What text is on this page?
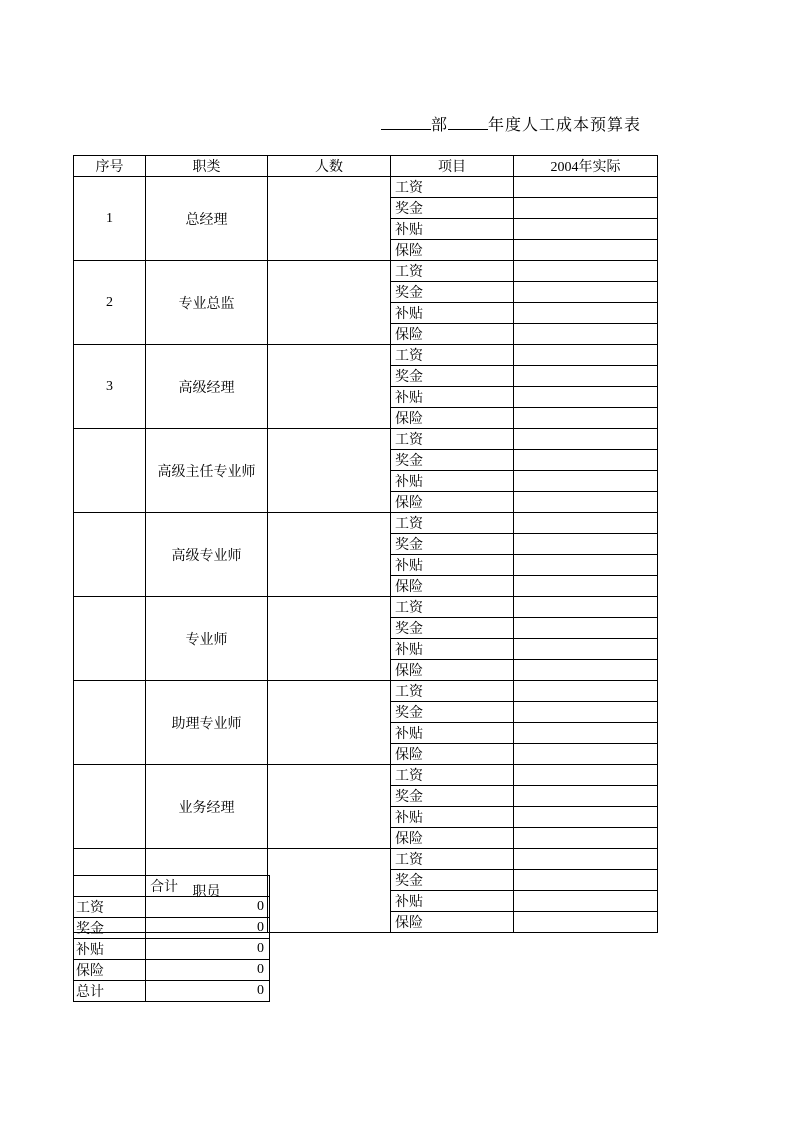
部	年度人工成本预算表
序号	职类	人数	项目	2004年实际
1	总经理		工资	
			奖金	
			补贴	
			保险	
2	专业总监		工资	
			奖金	
			补贴	
			保险	
3	高级经理		工资	
			奖金	
			补贴	
			保险	
	高级主任专业师		工资	
			奖金	
			补贴	
			保险	
	高级专业师		工资	
			奖金	
			补贴	
			保险	
	专业师		工资	
			奖金	
			补贴	
			保险	
	助理专业师		工资	
			奖金	
			补贴	
			保险	
	业务经理		工资	
			奖金	
			补贴	
			保险	
	职员		工资	
			奖金	
			补贴	
			保险	
	合计
工资	0
奖金	0
补贴	0
保险	0
总计	0
